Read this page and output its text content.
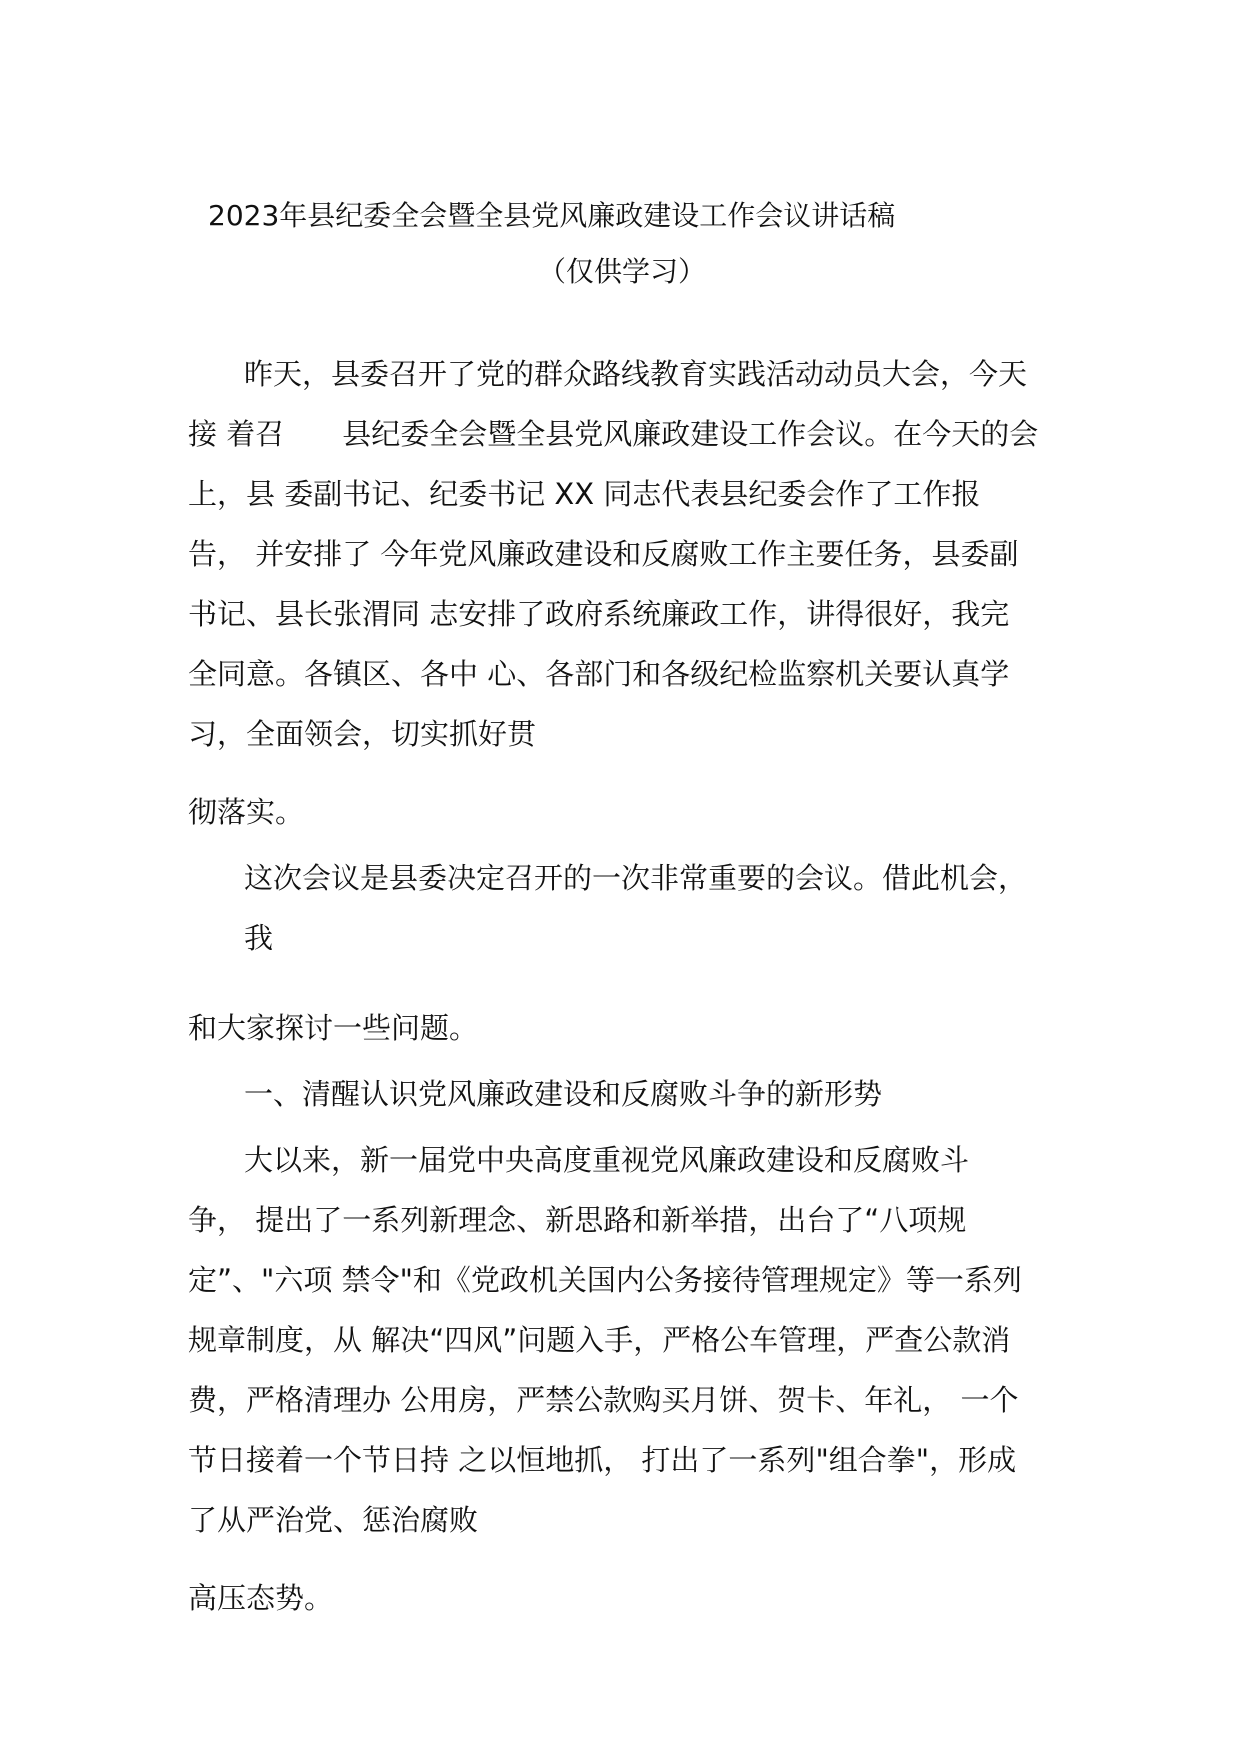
2023年县纪委全会暨全县党风廉政建设工作会议讲话稿
（仅供学习）
昨天，县委召开了党的群众路线教育实践活动动员大会，今天
接 着召　　县纪委全会暨全县党风廉政建设工作会议。在今天的会
上，县 委副书记、纪委书记 XX 同志代表县纪委会作了工作报
告， 并安排了 今年党风廉政建设和反腐败工作主要任务，县委副
书记、县长张渭同 志安排了政府系统廉政工作，讲得很好，我完
全同意。各镇区、各中 心、各部门和各级纪检监察机关要认真学
习，全面领会，切实抓好贯
彻落实。
这次会议是县委决定召开的一次非常重要的会议。借此机会，
我
和大家探讨一些问题。
一、清醒认识党风廉政建设和反腐败斗争的新形势
大以来，新一届党中央高度重视党风廉政建设和反腐败斗
争， 提出了一系列新理念、新思路和新举措，出台了“八项规
定”、"六项 禁令"和《党政机关国内公务接待管理规定》等一系列
规章制度，从 解决“四风”问题入手，严格公车管理，严查公款消
费，严格清理办 公用房，严禁公款购买月饼、贺卡、年礼， 一个
节日接着一个节日持 之以恒地抓， 打出了一系列"组合拳"，形成
了从严治党、惩治腐败
高压态势。
